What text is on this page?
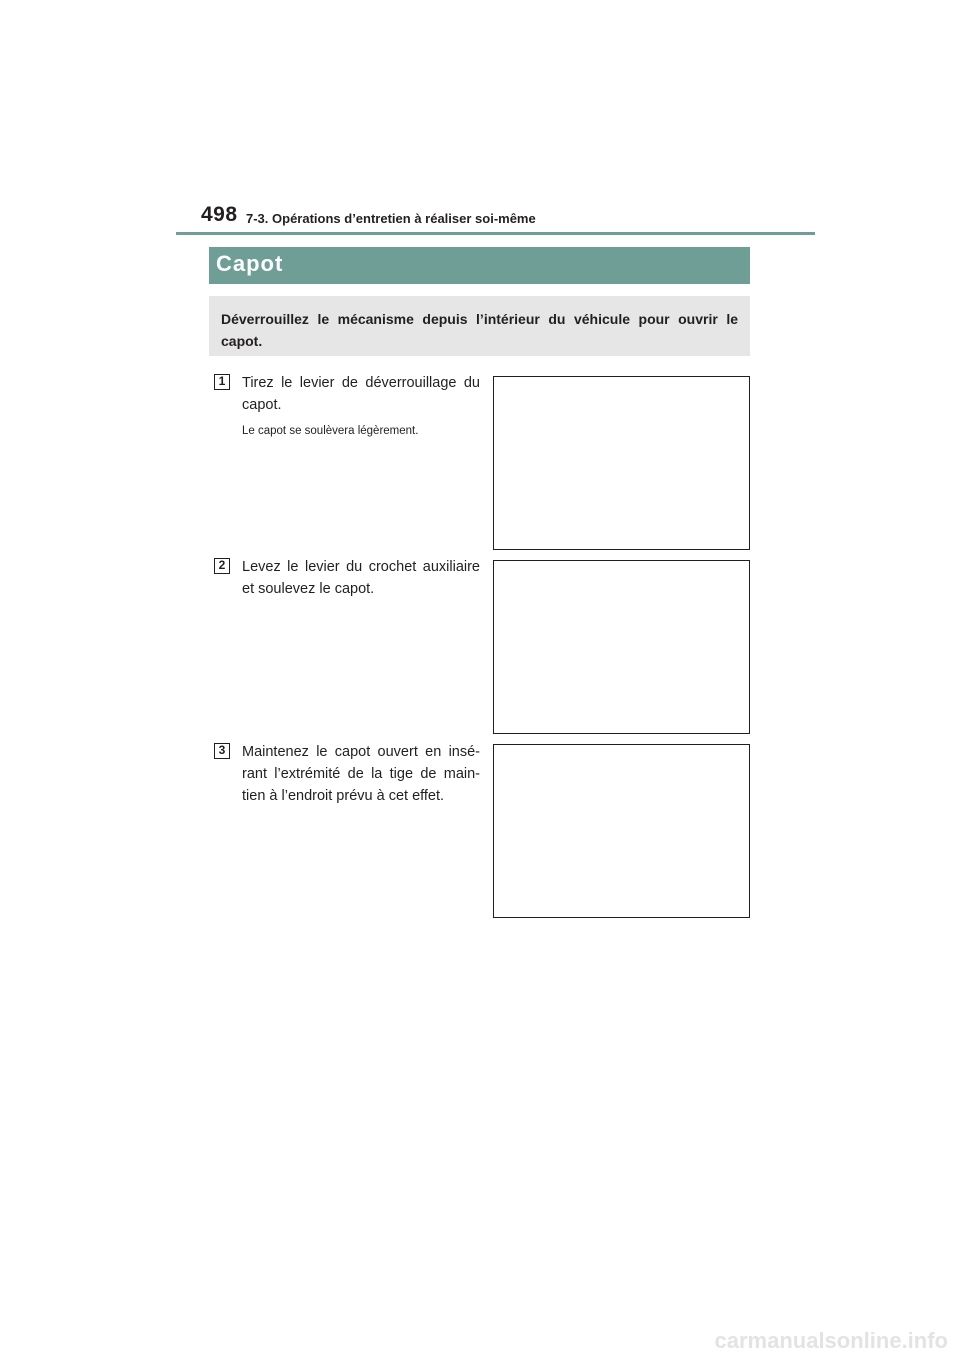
498 7-3. Opérations d’entretien à réaliser soi-même
Capot
Déverrouillez le mécanisme depuis l’intérieur du véhicule pour ouvrir le capot.
1	Tirez le levier de déverrouillage du capot.
Le capot se soulèvera légèrement.
2	Levez le levier du crochet auxiliaire et soulevez le capot.
3	Maintenez le capot ouvert en insé-rant l’extrémité de la tige de main-tien à l’endroit prévu à cet effet.
carmanualsonline.info
